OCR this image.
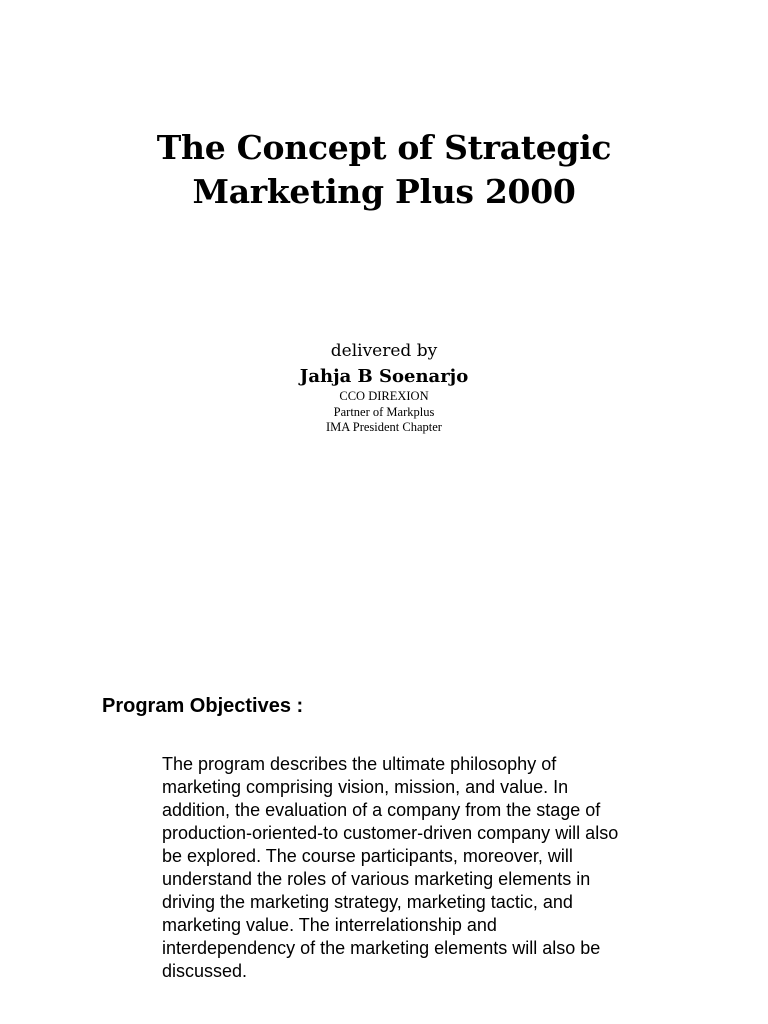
The Concept of Strategic
Marketing Plus 2000
delivered by
Jahja B Soenarjo
CCO DIREXION
Partner of Markplus
IMA President Chapter
Program Objectives :

The program describes the ultimate philosophy of
marketing comprising vision, mission, and value. In
addition, the evaluation of a company from the stage of
production-oriented-to customer-driven company will also
be explored. The course participants, moreover, will
understand the roles of various marketing elements in
driving the marketing strategy, marketing tactic, and
marketing value. The interrelationship and
interdependency of the marketing elements will also be
discussed.
